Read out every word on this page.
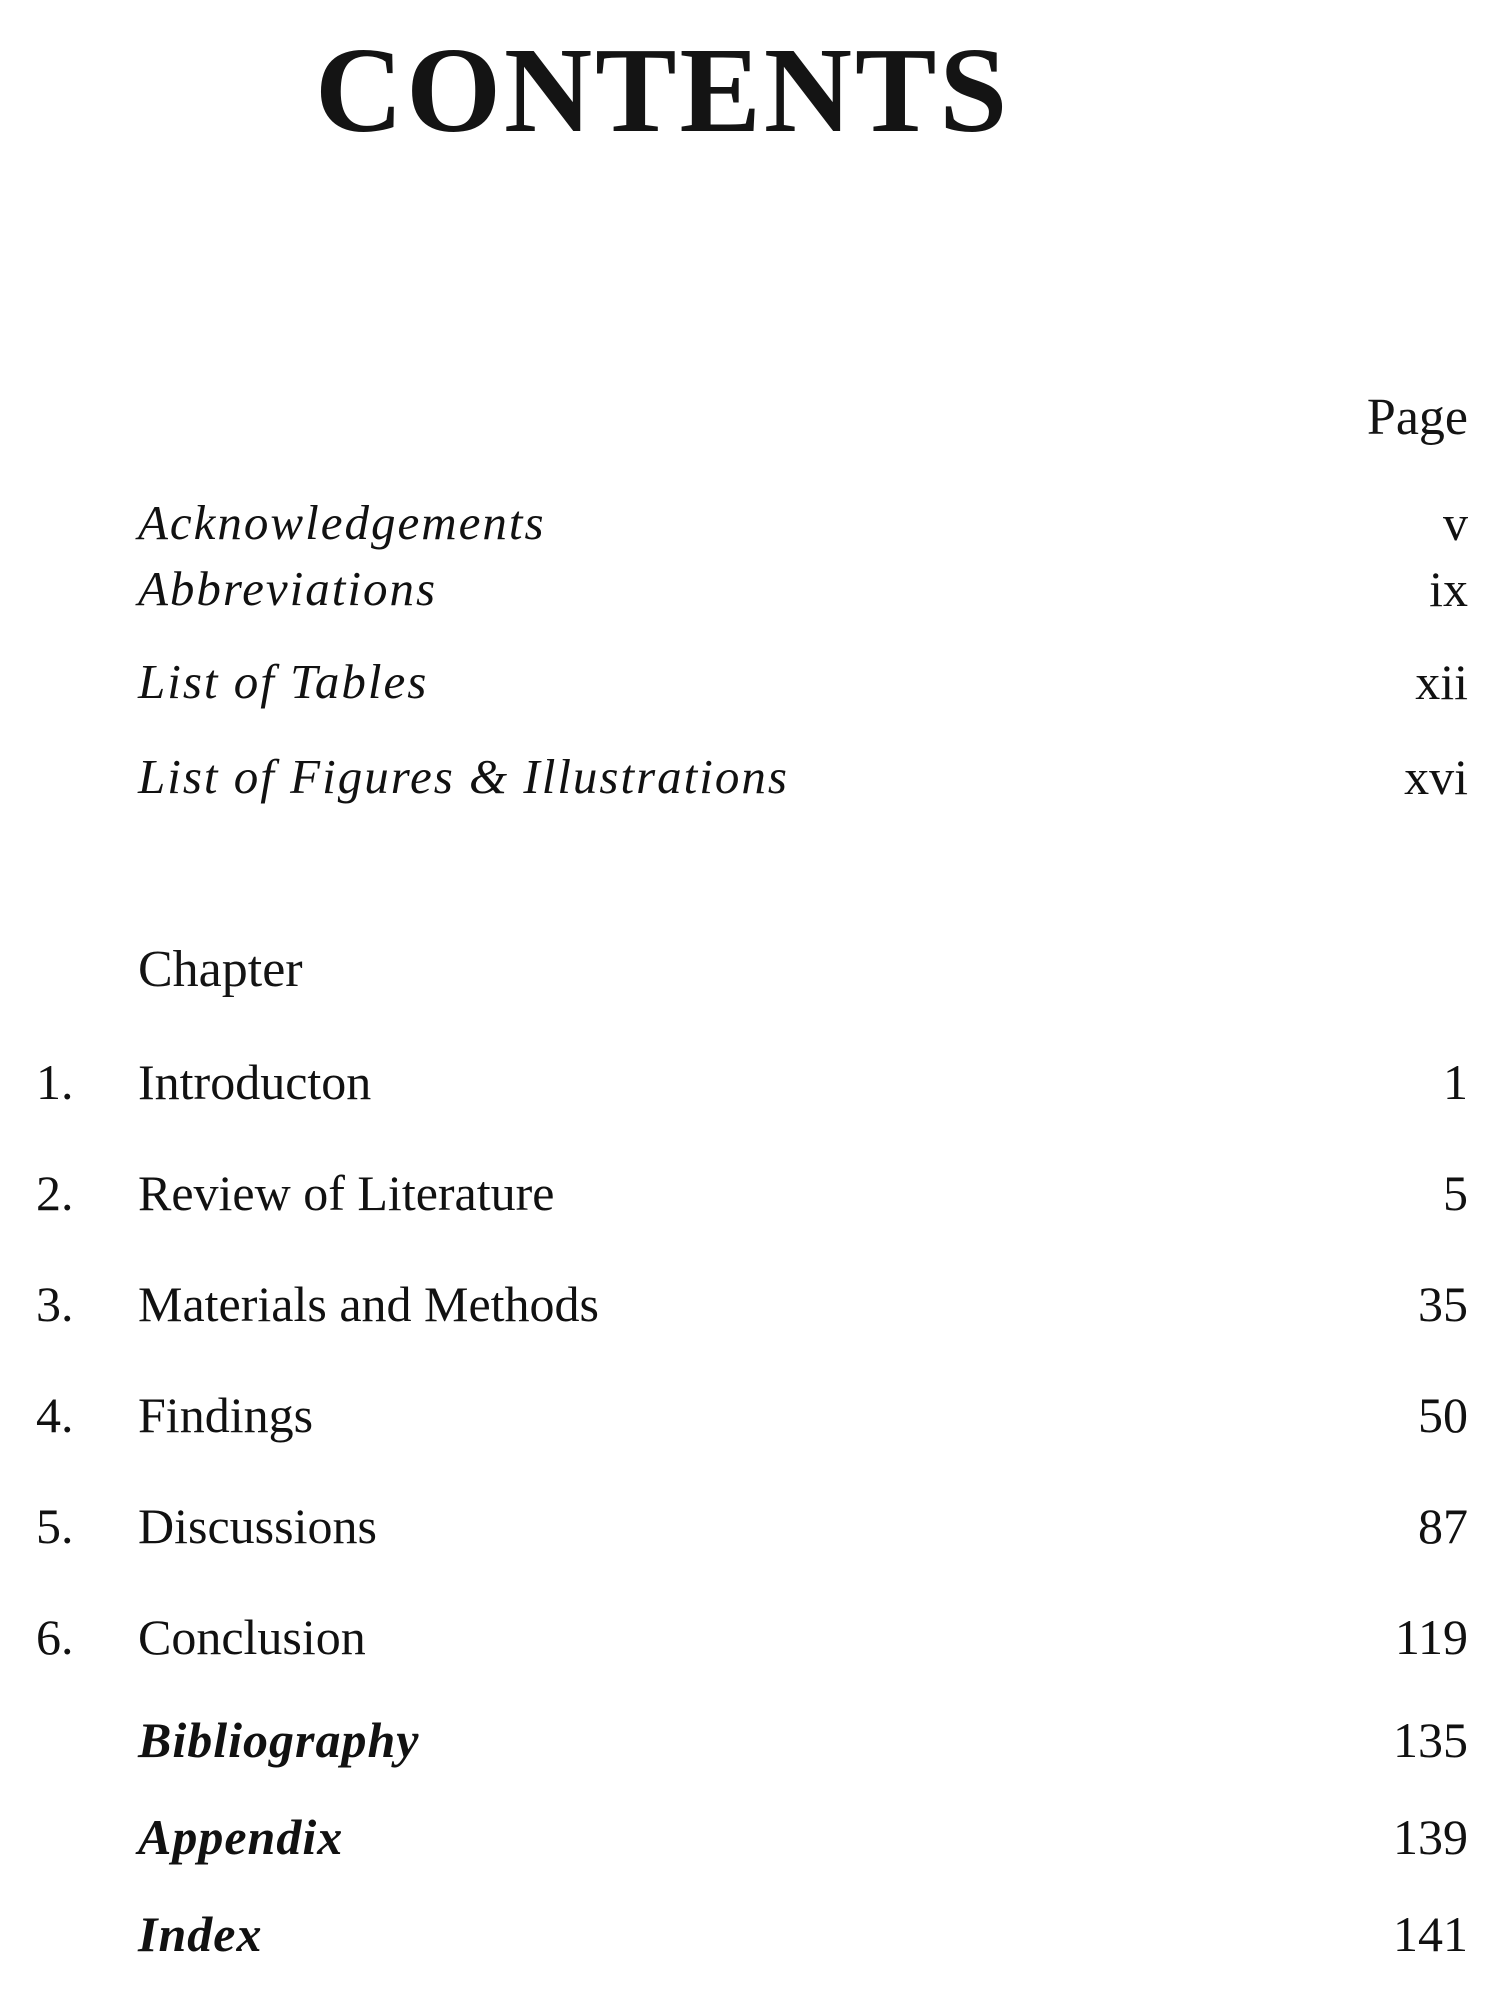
CONTENTS
Page
Acknowledgements	v
Abbreviations	ix
List of Tables	xii
List of Figures & Illustrations	xvi
Chapter
1. Introducton	1
2. Review of Literature	5
3. Materials and Methods	35
4. Findings	50
5. Discussions	87
6. Conclusion	119
Bibliography	135
Appendix	139
Index	141
